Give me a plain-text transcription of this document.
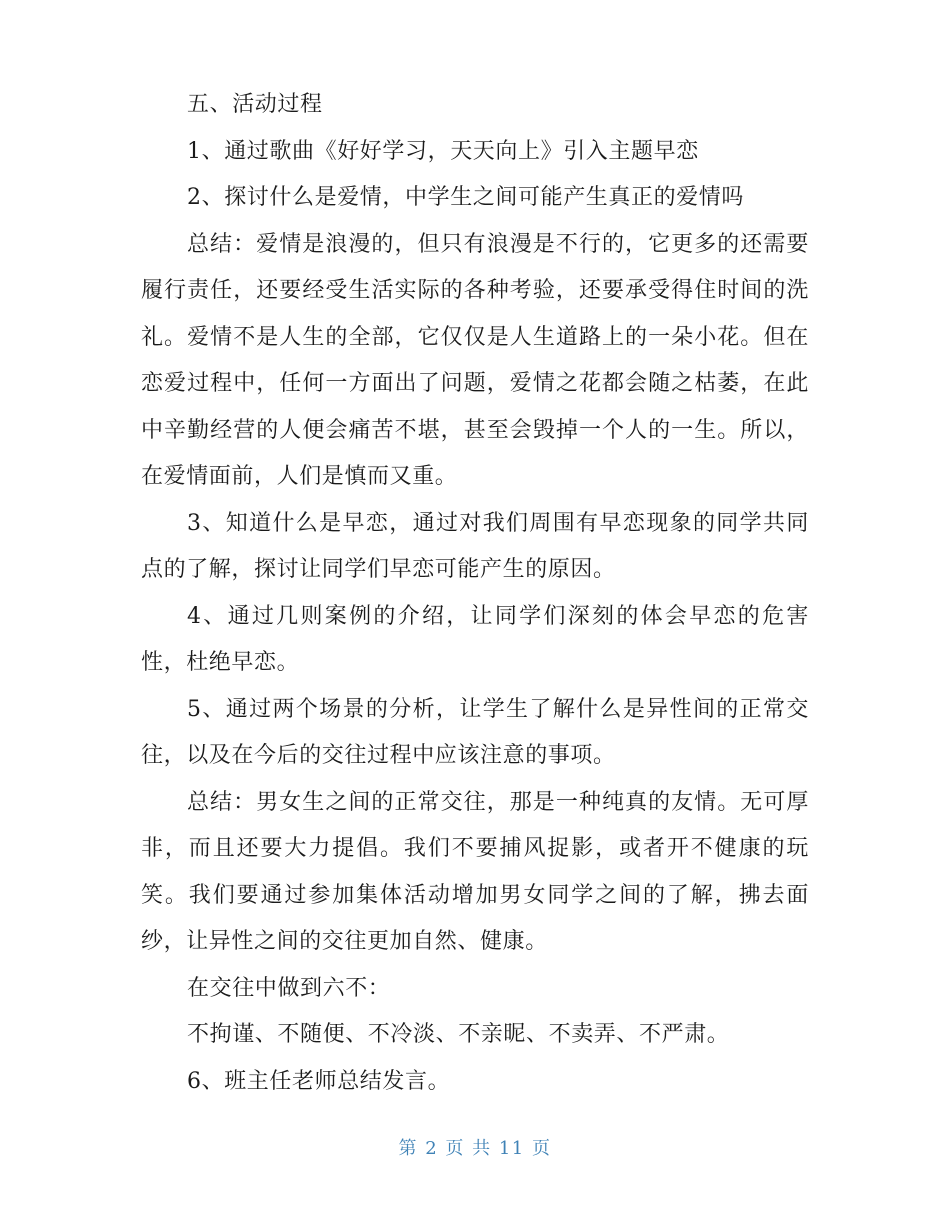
五、活动过程

1、通过歌曲《好好学习，天天向上》引入主题早恋

2、探讨什么是爱情，中学生之间可能产生真正的爱情吗

总结：爱情是浪漫的，但只有浪漫是不行的，它更多的还需要履行责任，还要经受生活实际的各种考验，还要承受得住时间的洗礼。爱情不是人生的全部，它仅仅是人生道路上的一朵小花。但在恋爱过程中，任何一方面出了问题，爱情之花都会随之枯萎，在此中辛勤经营的人便会痛苦不堪，甚至会毁掉一个人的一生。所以，在爱情面前，人们是慎而又重。

3、知道什么是早恋，通过对我们周围有早恋现象的同学共同点的了解，探讨让同学们早恋可能产生的原因。

4、通过几则案例的介绍，让同学们深刻的体会早恋的危害性，杜绝早恋。

5、通过两个场景的分析，让学生了解什么是异性间的正常交往，以及在今后的交往过程中应该注意的事项。

总结：男女生之间的正常交往，那是一种纯真的友情。无可厚非，而且还要大力提倡。我们不要捕风捉影，或者开不健康的玩笑。我们要通过参加集体活动增加男女同学之间的了解，拂去面纱，让异性之间的交往更加自然、健康。

在交往中做到六不：

不拘谨、不随便、不冷淡、不亲昵、不卖弄、不严肃。

6、班主任老师总结发言。

第 2 页 共 11 页
